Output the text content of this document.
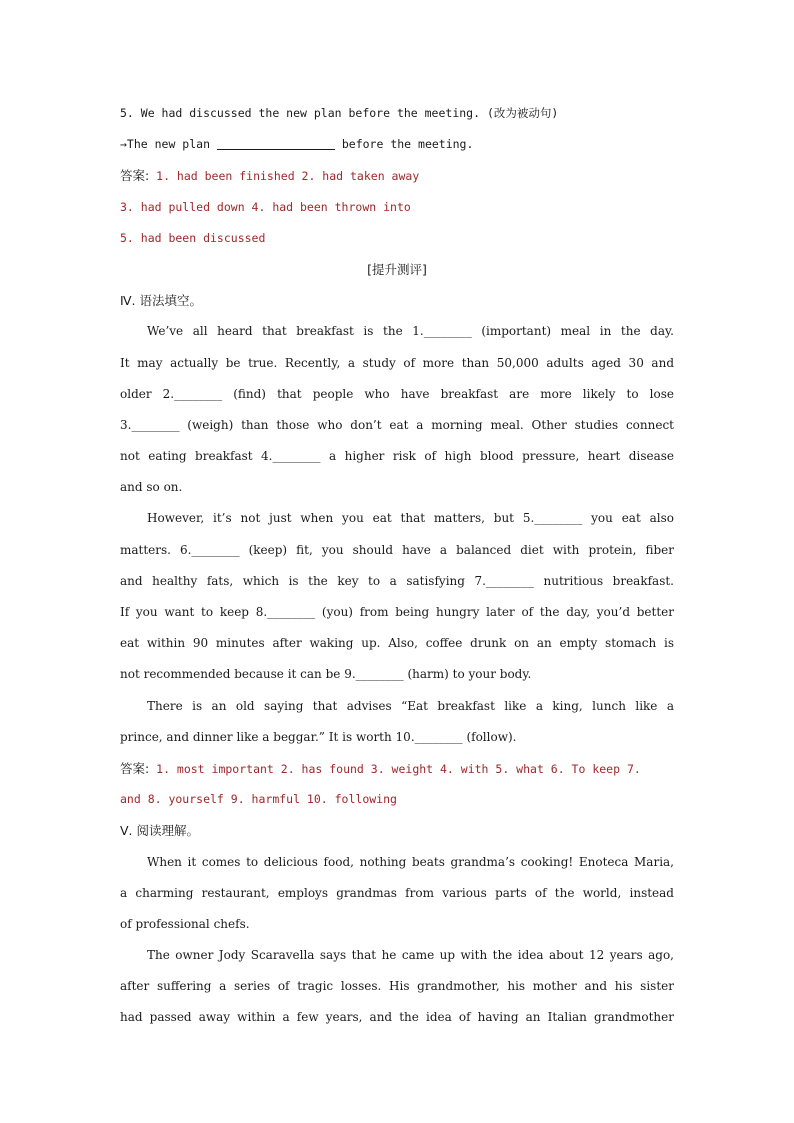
5. We had discussed the new plan before the meeting. (改为被动句)
→The new plan	before the meeting.
答案: 1. had been finished 2. had taken away
3. had pulled down 4. had been thrown into
5. had been discussed
[提升测评]
Ⅳ. 语法填空。
We’ve all heard that breakfast is the 1.________ (important) meal in the day.
It may actually be true. Recently, a study of more than 50,000 adults aged 30 and
older 2.________ (find) that people who have breakfast are more likely to lose
3.________ (weigh) than those who don’t eat a morning meal. Other studies connect
not eating breakfast 4.________ a higher risk of high blood pressure, heart disease
and so on.
However, it’s not just when you eat that matters, but 5.________ you eat also
matters. 6.________ (keep) fit, you should have a balanced diet with protein, fiber
and healthy fats, which is the key to a satisfying 7.________ nutritious breakfast.
If you want to keep 8.________ (you) from being hungry later of the day, you’d better
eat within 90 minutes after waking up. Also, coffee drunk on an empty stomach is
not recommended because it can be 9.________ (harm) to your body.
There is an old saying that advises “Eat breakfast like a king, lunch like a
prince, and dinner like a beggar.” It is worth 10.________ (follow).
答案: 1. most important 2. has found 3. weight 4. with 5. what 6. To keep 7.
and 8. yourself 9. harmful 10. following
Ⅴ. 阅读理解。
When it comes to delicious food, nothing beats grandma’s cooking! Enoteca Maria,
a charming restaurant, employs grandmas from various parts of the world, instead
of professional chefs.
The owner Jody Scaravella says that he came up with the idea about 12 years ago,
after suffering a series of tragic losses. His grandmother, his mother and his sister
had passed away within a few years, and the idea of having an Italian grandmother
